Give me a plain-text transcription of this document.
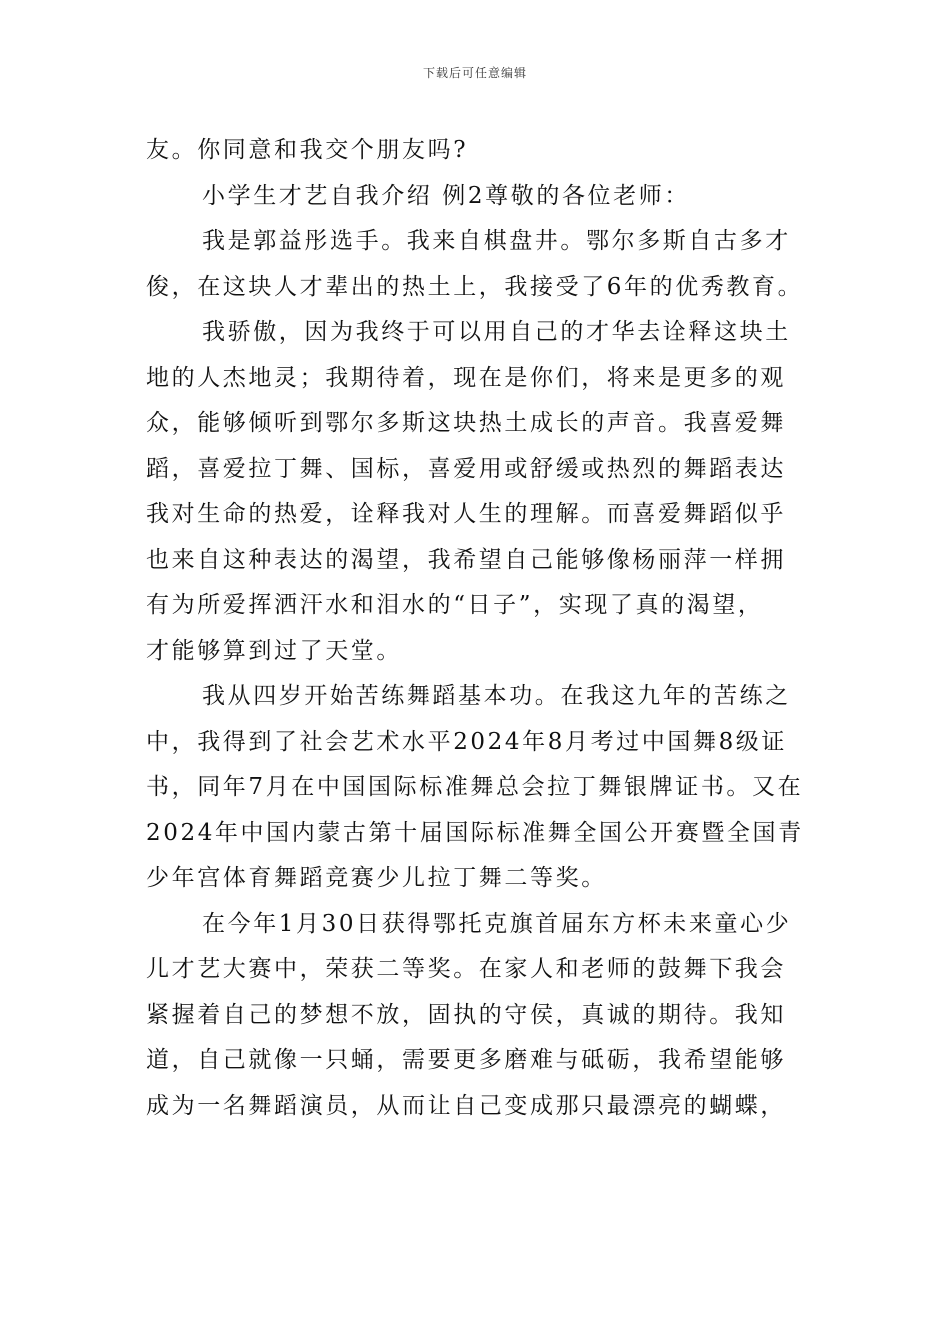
下载后可任意编辑
友。你同意和我交个朋友吗?
小学生才艺自我介绍 例2尊敬的各位老师：
我是郭益彤选手。我来自棋盘井。鄂尔多斯自古多才
俊，在这块人才辈出的热土上，我接受了6年的优秀教育。
我骄傲，因为我终于可以用自己的才华去诠释这块土
地的人杰地灵；我期待着，现在是你们，将来是更多的观
众，能够倾听到鄂尔多斯这块热土成长的声音。我喜爱舞
蹈，喜爱拉丁舞、国标，喜爱用或舒缓或热烈的舞蹈表达
我对生命的热爱，诠释我对人生的理解。而喜爱舞蹈似乎
也来自这种表达的渴望，我希望自己能够像杨丽萍一样拥
有为所爱挥洒汗水和泪水的“日子”，实现了真的渴望，
才能够算到过了天堂。
我从四岁开始苦练舞蹈基本功。在我这九年的苦练之
中，我得到了社会艺术水平2024年8月考过中国舞8级证
书，同年7月在中国国际标准舞总会拉丁舞银牌证书。又在
2024年中国内蒙古第十届国际标准舞全国公开赛暨全国青
少年宫体育舞蹈竞赛少儿拉丁舞二等奖。
在今年1月30日获得鄂托克旗首届东方杯未来童心少
儿才艺大赛中，荣获二等奖。在家人和老师的鼓舞下我会
紧握着自己的梦想不放，固执的守侯，真诚的期待。我知
道，自己就像一只蛹，需要更多磨难与砥砺，我希望能够
成为一名舞蹈演员，从而让自己变成那只最漂亮的蝴蝶，
